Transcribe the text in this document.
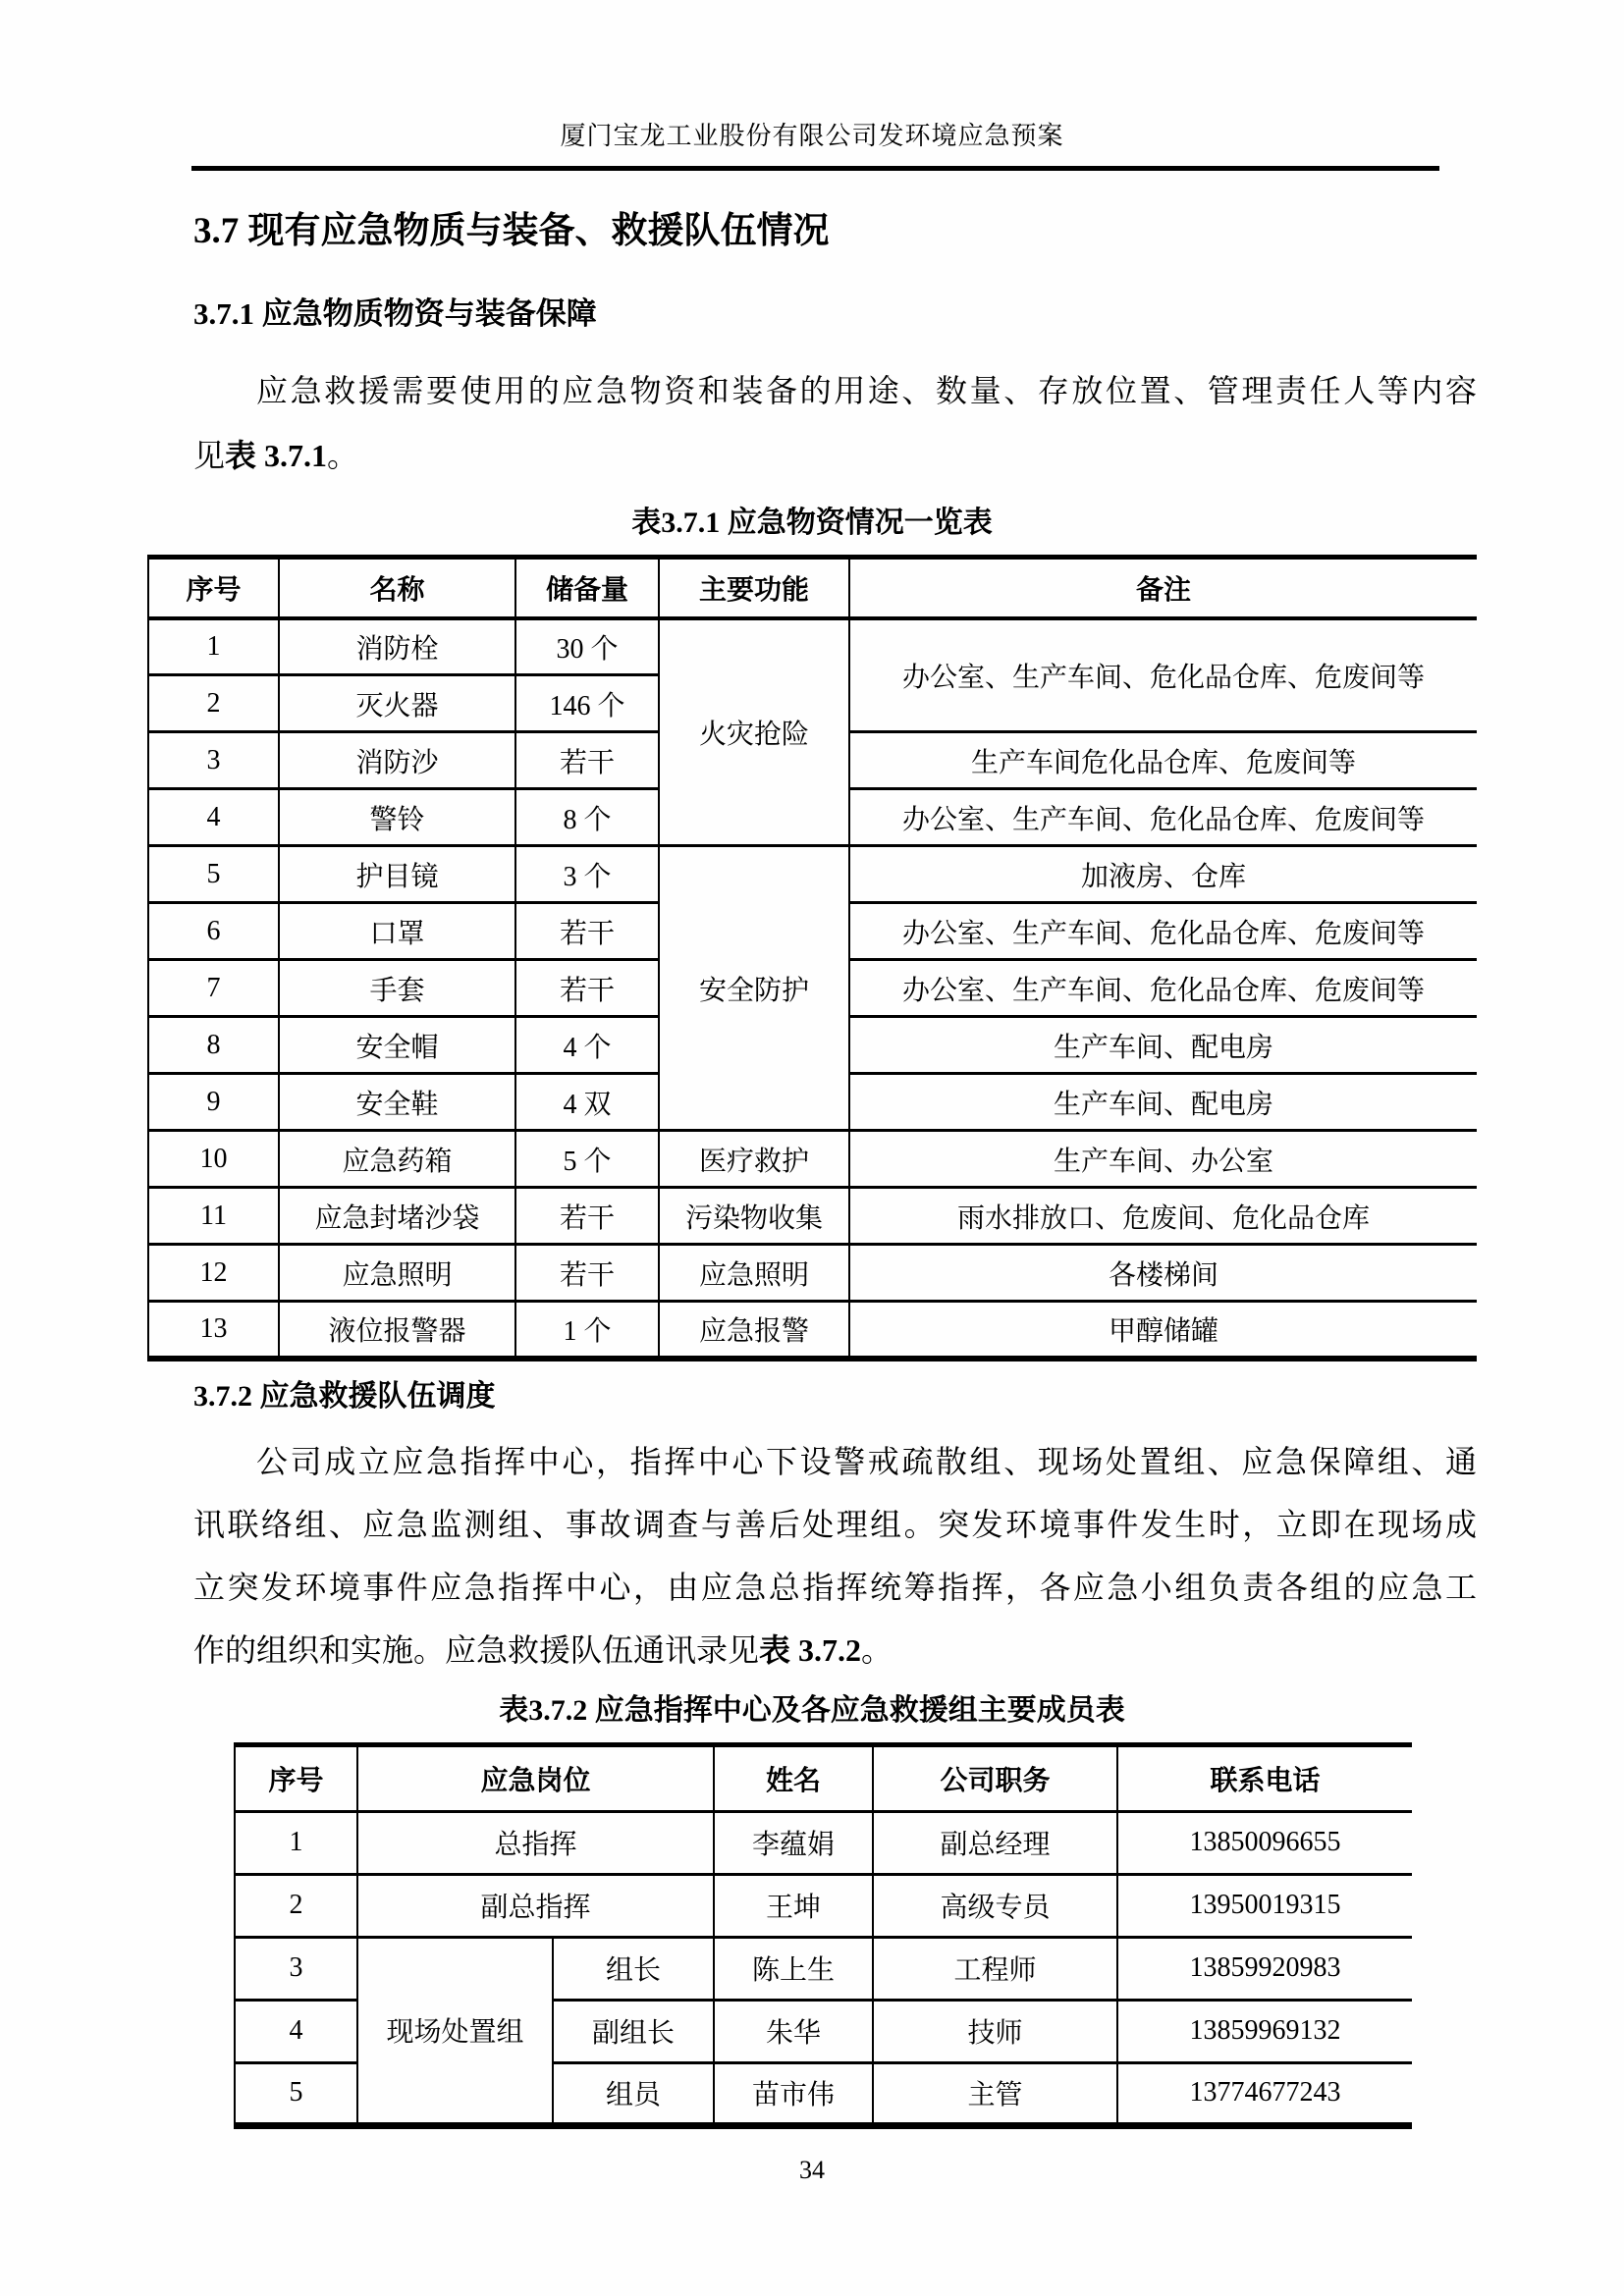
厦门宝龙工业股份有限公司发环境应急预案
3.7 现有应急物质与装备、救援队伍情况
3.7.1 应急物质物资与装备保障
应急救援需要使用的应急物资和装备的用途、数量、存放位置、管理责任人等内容
见表 3.7.1。
表3.7.1 应急物资情况一览表
序号	名称	储备量	主要功能	备注
1	消防栓	30 个	火灾抢险	办公室、生产车间、危化品仓库、危废间等
2	灭火器	146 个		
3	消防沙	若干		生产车间危化品仓库、危废间等
4	警铃	8 个		办公室、生产车间、危化品仓库、危废间等
5	护目镜	3 个	安全防护	加液房、仓库
6	口罩	若干		办公室、生产车间、危化品仓库、危废间等
7	手套	若干		办公室、生产车间、危化品仓库、危废间等
8	安全帽	4 个		生产车间、配电房
9	安全鞋	4 双		生产车间、配电房
10	应急药箱	5 个	医疗救护	生产车间、办公室
11	应急封堵沙袋	若干	污染物收集	雨水排放口、危废间、危化品仓库
12	应急照明	若干	应急照明	各楼梯间
13	液位报警器	1 个	应急报警	甲醇储罐
3.7.2 应急救援队伍调度
公司成立应急指挥中心，指挥中心下设警戒疏散组、现场处置组、应急保障组、通
讯联络组、应急监测组、事故调查与善后处理组。突发环境事件发生时，立即在现场成
立突发环境事件应急指挥中心，由应急总指挥统筹指挥，各应急小组负责各组的应急工
作的组织和实施。应急救援队伍通讯录见表 3.7.2。
表3.7.2 应急指挥中心及各应急救援组主要成员表
序号	应急岗位		姓名	公司职务	联系电话
1	总指挥		李蕴娟	副总经理	13850096655
2	副总指挥		王坤	高级专员	13950019315
3	现场处置组	组长	陈上生	工程师	13859920983
4		副组长	朱华	技师	13859969132
5		组员	苗市伟	主管	13774677243
34
